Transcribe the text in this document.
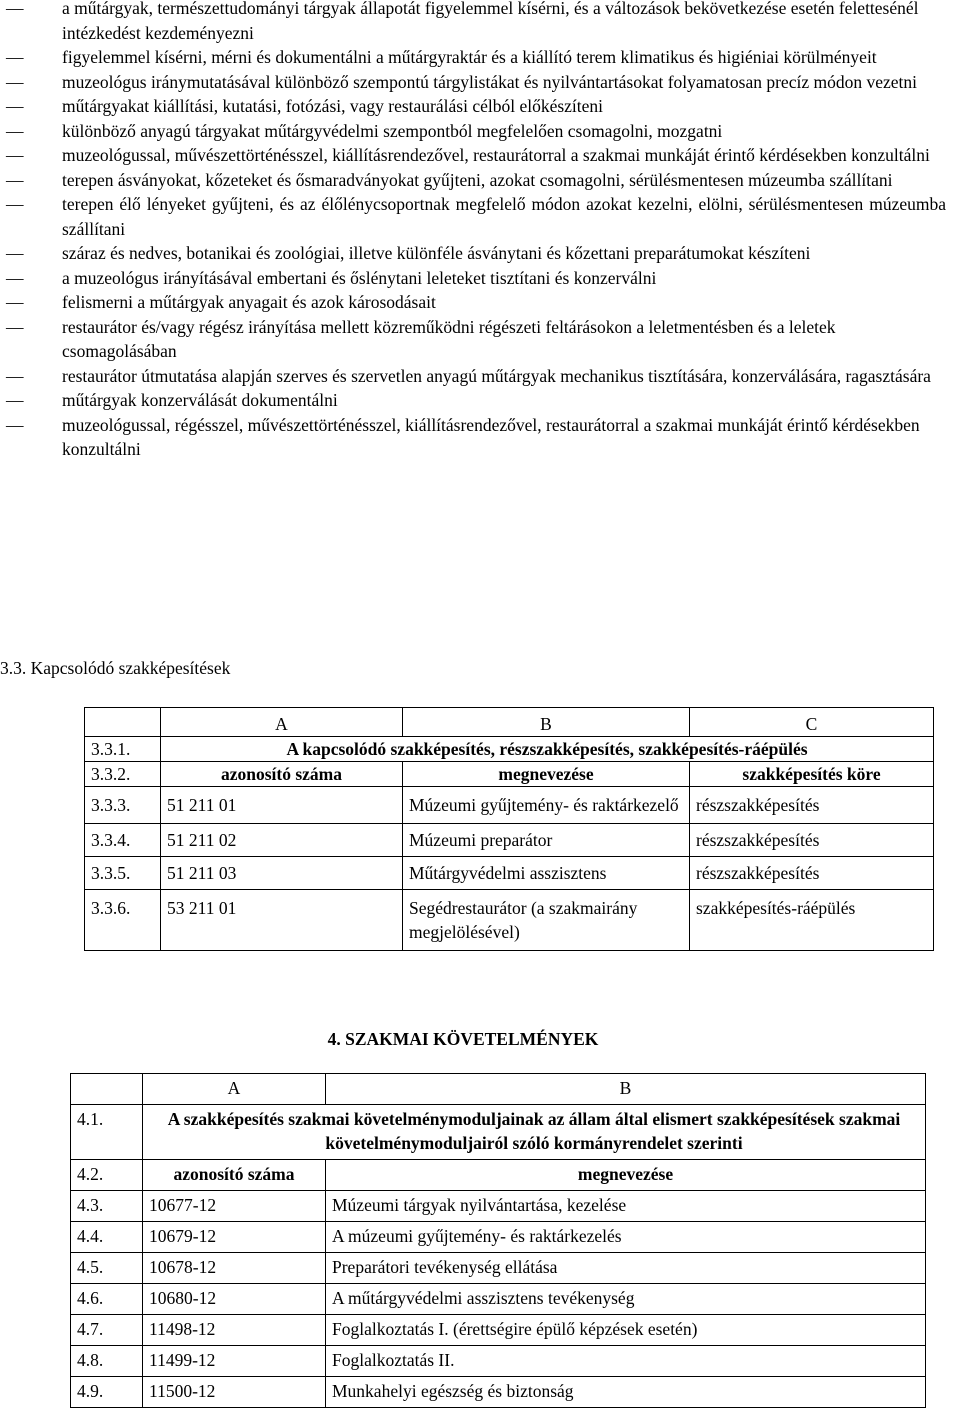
— a műtárgyak, természettudományi tárgyak állapotát figyelemmel kísérni, és a változások bekövetkezése esetén felettesénél intézkedést kezdeményezni
— figyelemmel kísérni, mérni és dokumentálni a műtárgyraktár és a kiállító terem klimatikus és higiéniai körülményeit
— muzeológus iránymutatásával különböző szempontú tárgylistákat és nyilvántartásokat folyamatosan precíz módon vezetni
— műtárgyakat kiállítási, kutatási, fotózási, vagy restaurálási célból előkészíteni
— különböző anyagú tárgyakat műtárgyvédelmi szempontból megfelelően csomagolni, mozgatni
— muzeológussal, művészettörténésszel, kiállításrendezővel, restaurátorral a szakmai munkáját érintő kérdésekben konzultálni
— terepen ásványokat, kőzeteket és ősmaradványokat gyűjteni, azokat csomagolni, sérülésmentesen múzeumba szállítani
— terepen élő lényeket gyűjteni, és az élőlénycsoportnak megfelelő módon azokat kezelni, elölni, sérülésmentesen múzeumba szállítani
— száraz és nedves, botanikai és zoológiai, illetve különféle ásványtani és kőzettani preparátumokat készíteni
— a muzeológus irányításával embertani és őslénytani leleteket tisztítani és konzerválni
— felismerni a műtárgyak anyagait és azok károsodásait
— restaurátor és/vagy régész irányítása mellett közreműködni régészeti feltárásokon a leletmentésben és a leletek csomagolásában
— restaurátor útmutatása alapján szerves és szervetlen anyagú műtárgyak mechanikus tisztítására, konzerválására, ragasztására
— műtárgyak konzerválását dokumentálni
— muzeológussal, régésszel, művészettörténésszel, kiállításrendezővel, restaurátorral a szakmai munkáját érintő kérdésekben konzultálni
3.3. Kapcsolódó szakképesítések
	A	B	C
3.3.1.	A kapcsolódó szakképesítés, részszakképesítés, szakképesítés-ráépülés		
3.3.2.	azonosító száma	megnevezése	szakképesítés köre
3.3.3.	51 211 01	Múzeumi gyűjtemény- és raktárkezelő	részszakképesítés
3.3.4.	51 211 02	Múzeumi preparátor	részszakképesítés
3.3.5.	51 211 03	Műtárgyvédelmi asszisztens	részszakképesítés
3.3.6.	53 211 01	Segédrestaurátor (a szakmairány megjelölésével)	szakképesítés-ráépülés
4. SZAKMAI KÖVETELMÉNYEK
	A	B
4.1.	A szakképesítés szakmai követelménymoduljainak az állam által elismert szakképesítések szakmai követelménymoduljairól szóló kormányrendelet szerinti	
4.2.	azonosító száma	megnevezése
4.3.	10677-12	Múzeumi tárgyak nyilvántartása, kezelése
4.4.	10679-12	A múzeumi gyűjtemény- és raktárkezelés
4.5.	10678-12	Preparátori tevékenység ellátása
4.6.	10680-12	A műtárgyvédelmi asszisztens tevékenység
4.7.	11498-12	Foglalkoztatás I. (érettségire épülő képzések esetén)
4.8.	11499-12	Foglalkoztatás II.
4.9.	11500-12	Munkahelyi egészség és biztonság
